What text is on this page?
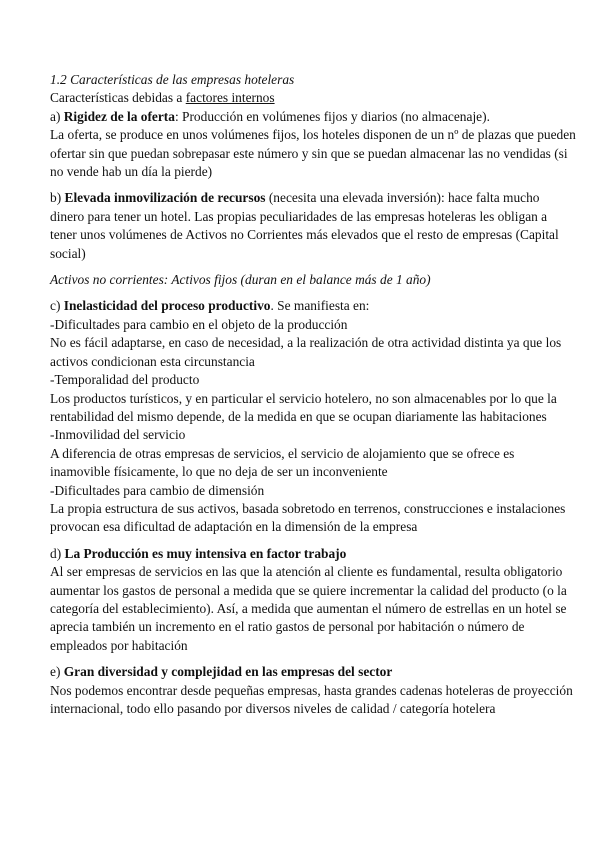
1.2 Características de las empresas hoteleras

Características debidas a factores internos

a) Rigidez de la oferta: Producción en volúmenes fijos y diarios (no almacenaje).

La oferta, se produce en unos volúmenes fijos, los hoteles disponen de un nº de plazas que pueden ofertar sin que puedan sobrepasar este número y sin que se puedan almacenar las no vendidas (si no vende hab un día la pierde)

b) Elevada inmovilización de recursos (necesita una elevada inversión): hace falta mucho dinero para tener un hotel. Las propias peculiaridades de las empresas hoteleras les obligan a tener unos volúmenes de Activos no Corrientes más elevados que el resto de empresas (Capital social)

Activos no corrientes: Activos fijos (duran en el balance más de 1 año)

c) Inelasticidad del proceso productivo. Se manifiesta en:

-Dificultades para cambio en el objeto de la producción

No es fácil adaptarse, en caso de necesidad, a la realización de otra actividad distinta ya que los activos condicionan esta circunstancia

-Temporalidad del producto

Los productos turísticos, y en particular el servicio hotelero, no son almacenables por lo que la rentabilidad del mismo depende, de la medida en que se ocupan diariamente las habitaciones

-Inmovilidad del servicio

A diferencia de otras empresas de servicios, el servicio de alojamiento que se ofrece es inamovible físicamente, lo que no deja de ser un inconveniente

-Dificultades para cambio de dimensión

La propia estructura de sus activos, basada sobretodo en terrenos, construcciones e instalaciones provocan esa dificultad de adaptación en la dimensión de la empresa

d) La Producción es muy intensiva en factor trabajo

Al ser empresas de servicios en las que la atención al cliente es fundamental, resulta obligatorio aumentar los gastos de personal a medida que se quiere incrementar la calidad del producto (o la categoría del establecimiento). Así, a medida que aumentan el número de estrellas en un hotel se aprecia también un incremento en el ratio gastos de personal por habitación o número de empleados por habitación

e) Gran diversidad y complejidad en las empresas del sector

Nos podemos encontrar desde pequeñas empresas, hasta grandes cadenas hoteleras de proyección internacional, todo ello pasando por diversos niveles de calidad / categoría hotelera
